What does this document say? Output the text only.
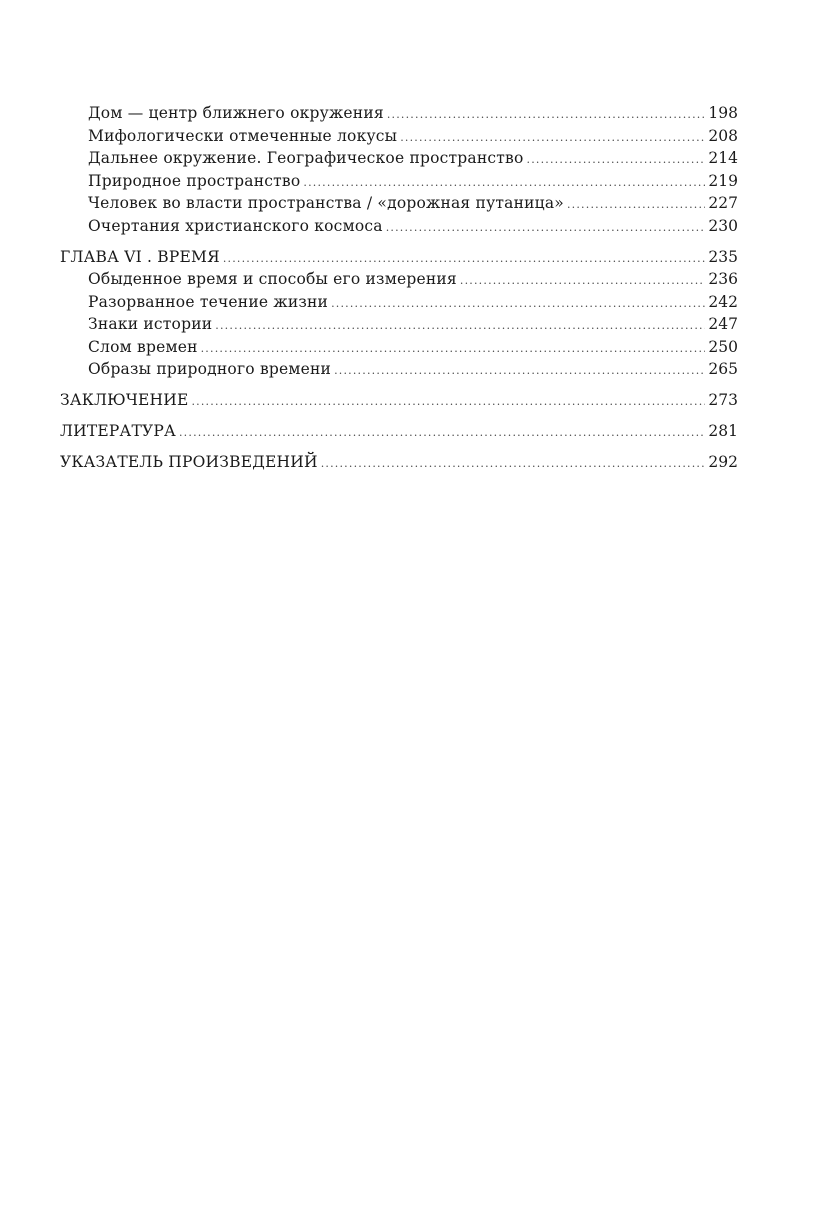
Дом — центр ближнего окружения .....	198
Мифологически отмеченные локусы .....	208
Дальнее окружение. Географическое пространство .....	214
Природное пространство .....	219
Человек во власти пространства / «дорожная путаница» .....	227
Очертания христианского космоса .....	230
ГЛАВА VI . ВРЕМЯ .....	235
Обыденное время и способы его измерения .....	236
Разорванное течение жизни .....	242
Знаки истории .....	247
Слом времен .....	250
Образы природного времени .....	265
ЗАКЛЮЧЕНИЕ .....	273
ЛИТЕРАТУРА .....	281
УКАЗАТЕЛЬ ПРОИЗВЕДЕНИЙ .....	292
